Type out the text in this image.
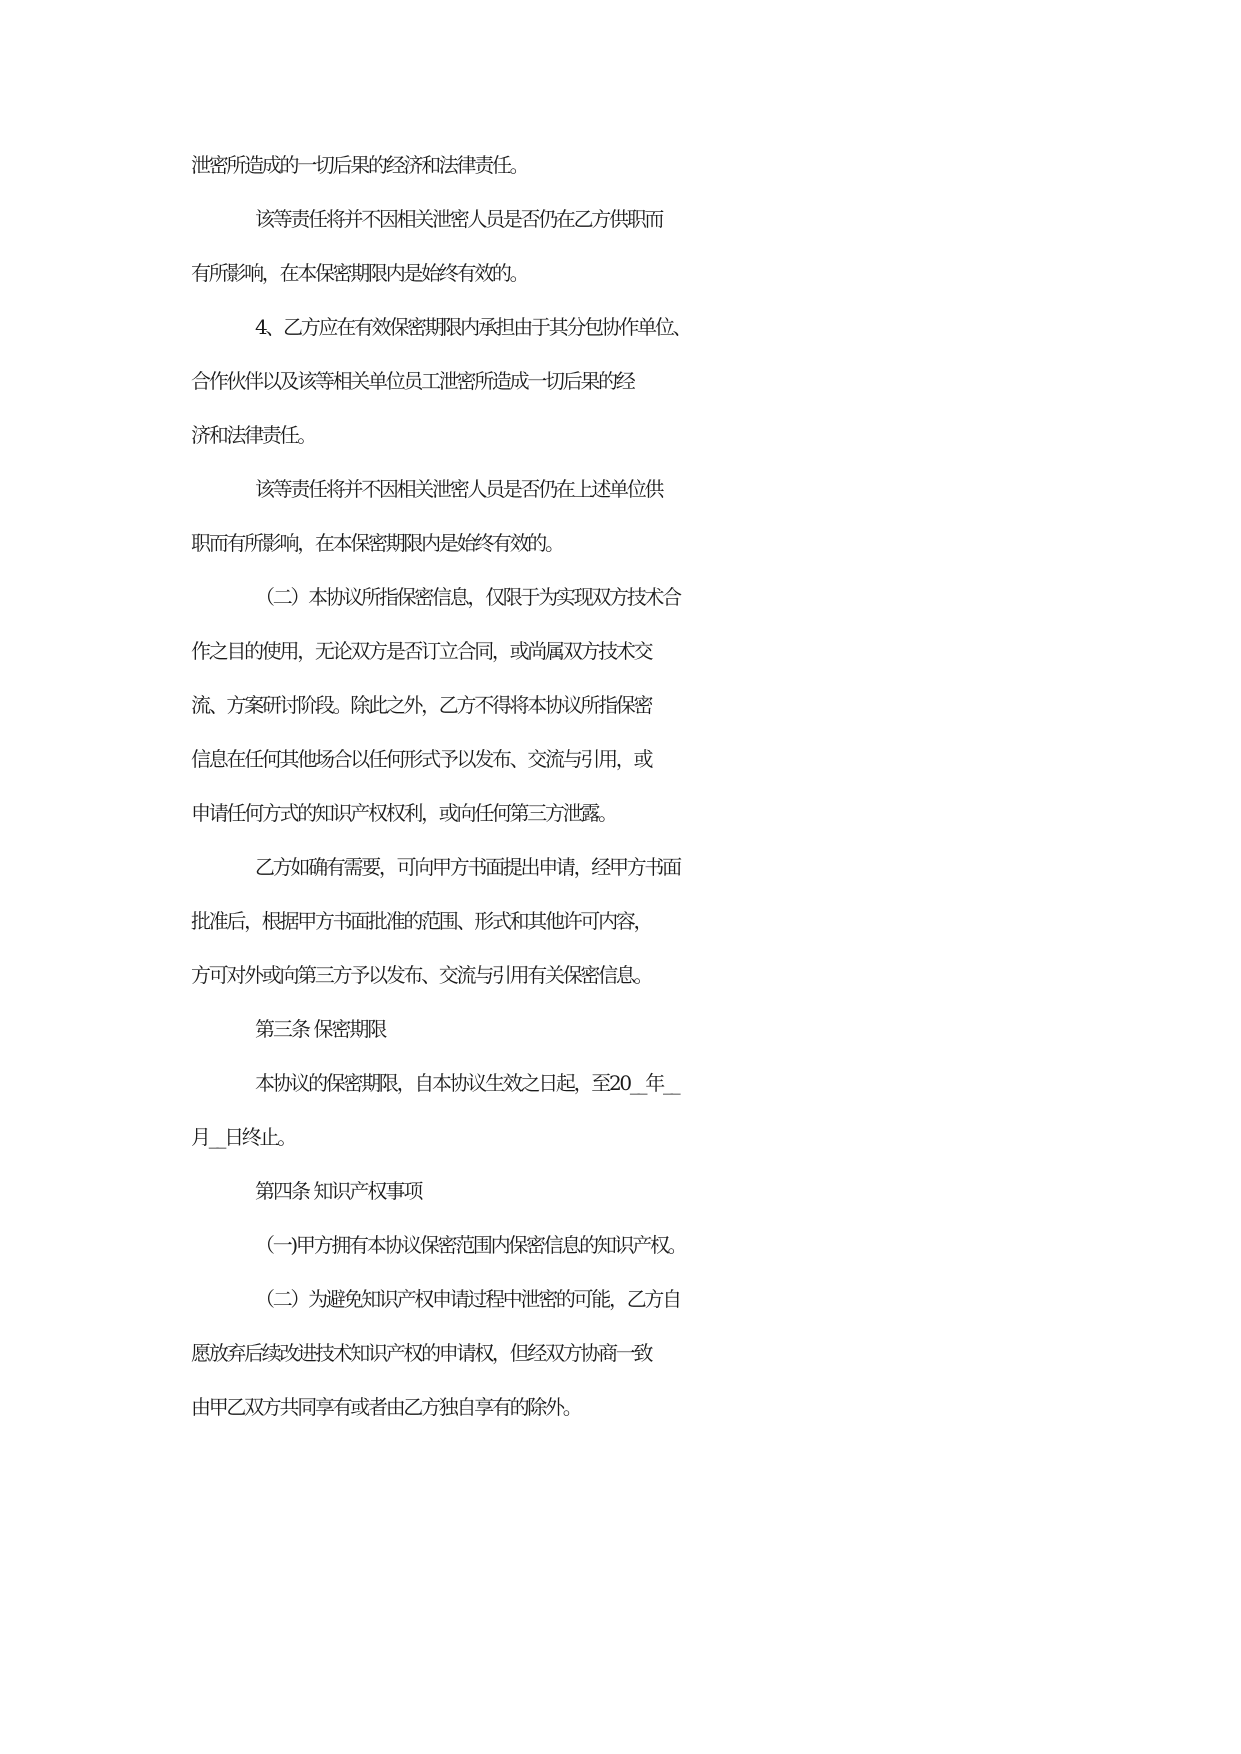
泄密所造成的一切后果的经济和法律责任。
该等责任将并不因相关泄密人员是否仍在乙方供职而
有所影响，在本保密期限内是始终有效的。
4、乙方应在有效保密期限内承担由于其分包协作单位、
合作伙伴以及该等相关单位员工泄密所造成一切后果的经
济和法律责任。
该等责任将并不因相关泄密人员是否仍在上述单位供
职而有所影响，在本保密期限内是始终有效的。
（二）本协议所指保密信息，仅限于为实现双方技术合
作之目的使用，无论双方是否订立合同，或尚属双方技术交
流、方案研讨阶段。除此之外，乙方不得将本协议所指保密
信息在任何其他场合以任何形式予以发布、交流与引用，或
申请任何方式的知识产权权利，或向任何第三方泄露。
乙方如确有需要，可向甲方书面提出申请，经甲方书面
批准后，根据甲方书面批准的范围、形式和其他许可内容，
方可对外或向第三方予以发布、交流与引用有关保密信息。
第三条 保密期限
本协议的保密期限，自本协议生效之日起，至20__年__
月__日终止。
第四条 知识产权事项
（一)甲方拥有本协议保密范围内保密信息的知识产权。
（二）为避免知识产权申请过程中泄密的可能，乙方自
愿放弃后续改进技术知识产权的申请权，但经双方协商一致
由甲乙双方共同享有或者由乙方独自享有的除外。
